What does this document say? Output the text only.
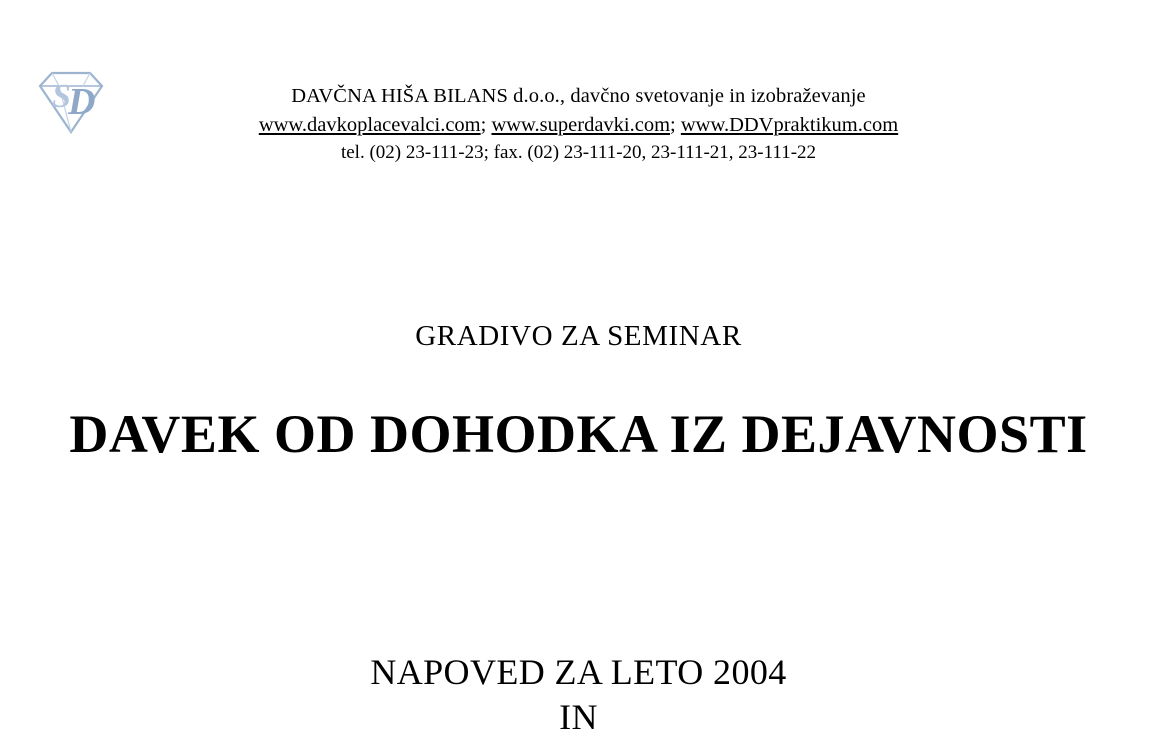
S
D	DAVČNA HIŠA BILANS d.o.o., davčno svetovanje in izobraževanje
www.davkoplacevalci.com; www.superdavki.com; www.DDVpraktikum.com
tel. (02) 23-111-23; fax. (02) 23-111-20, 23-111-21, 23-111-22
GRADIVO ZA SEMINAR
DAVEK OD DOHODKA IZ DEJAVNOSTI
NAPOVED ZA LETO 2004
IN
